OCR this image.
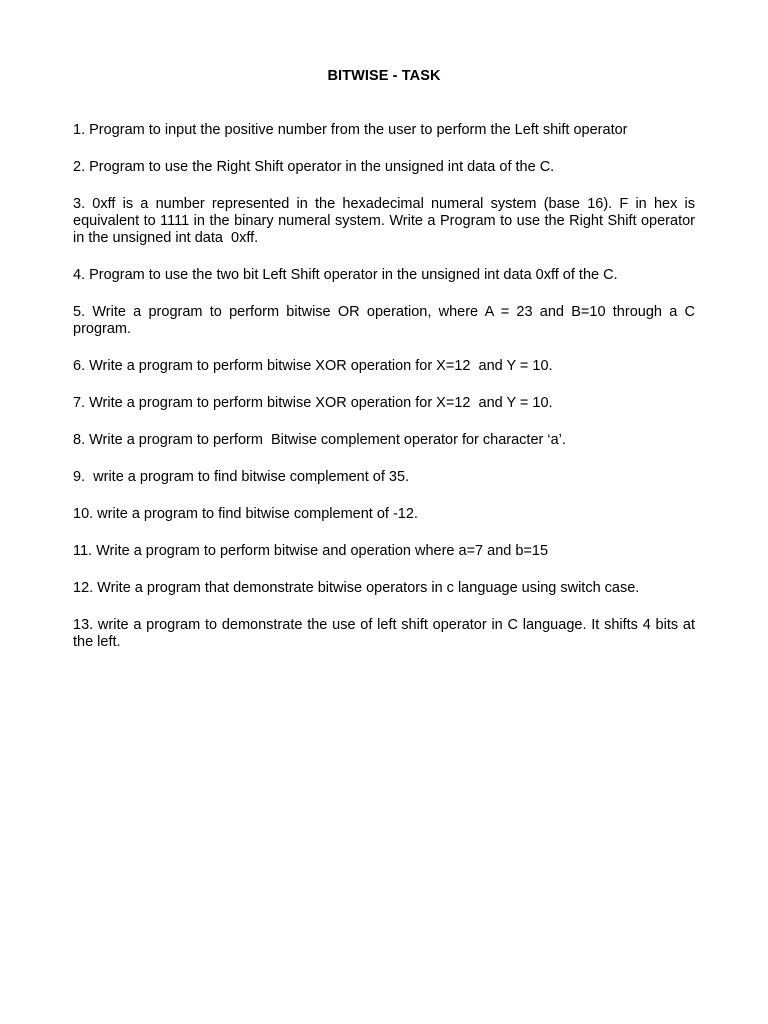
BITWISE - TASK
1. Program to input the positive number from the user to perform the Left shift operator
2. Program to use the Right Shift operator in the unsigned int data of the C.
3. 0xff is a number represented in the hexadecimal numeral system (base 16). F in hex is equivalent to 1111 in the binary numeral system. Write a Program to use the Right Shift operator in the unsigned int data  0xff.
4. Program to use the two bit Left Shift operator in the unsigned int data 0xff of the C.
5. Write a program to perform bitwise OR operation, where A = 23 and B=10 through a C program.
6. Write a program to perform bitwise XOR operation for X=12  and Y = 10.
7. Write a program to perform bitwise XOR operation for X=12  and Y = 10.
8. Write a program to perform  Bitwise complement operator for character ‘a’.
9.  write a program to find bitwise complement of 35.
10. write a program to find bitwise complement of -12.
11. Write a program to perform bitwise and operation where a=7 and b=15
12. Write a program that demonstrate bitwise operators in c language using switch case.
13. write a program to demonstrate the use of left shift operator in C language. It shifts 4 bits at the left.
